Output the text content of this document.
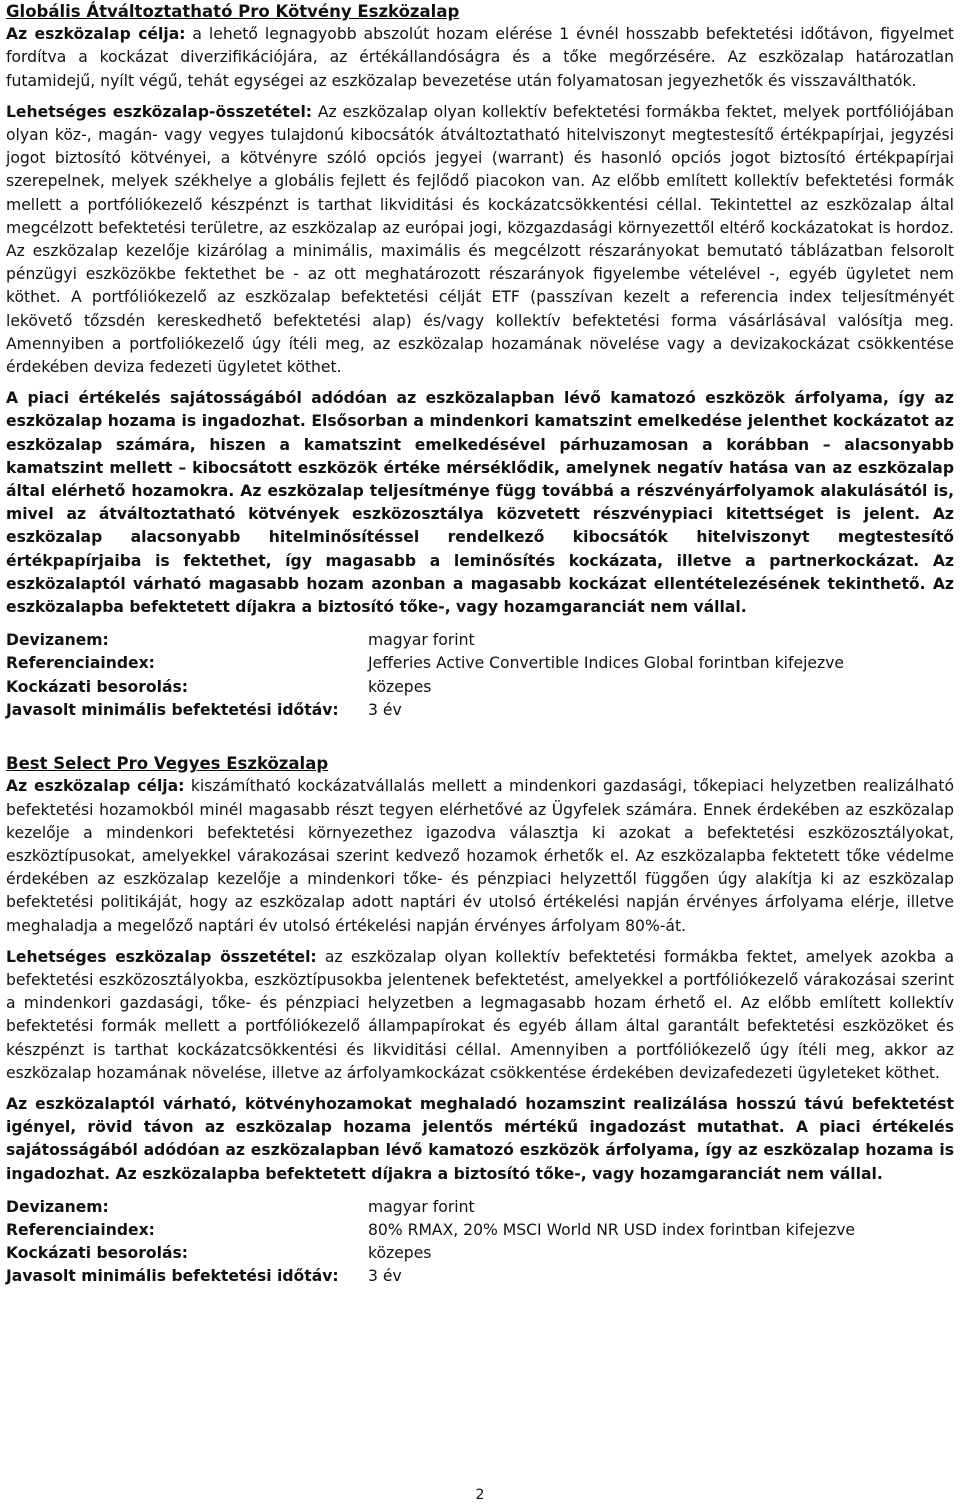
Globális Átváltoztatható Pro Kötvény Eszközalap

Az eszközalap célja: a lehető legnagyobb abszolút hozam elérése 1 évnél hosszabb befektetési időtávon, figyelmet fordítva a kockázat diverzifikációjára, az értékállandóságra és a tőke megőrzésére. Az eszközalap határozatlan futamidejű, nyílt végű, tehát egységei az eszközalap bevezetése után folyamatosan jegyezhetők és visszaválthatók.

Lehetséges eszközalap-összetétel: Az eszközalap olyan kollektív befektetési formákba fektet, melyek portfóliójában olyan köz-, magán- vagy vegyes tulajdonú kibocsátók átváltoztatható hitelviszonyt megtestesítő értékpapírjai, jegyzési jogot biztosító kötvényei, a kötvényre szóló opciós jegyei (warrant) és hasonló opciós jogot biztosító értékpapírjai szerepelnek, melyek székhelye a globális fejlett és fejlődő piacokon van. Az előbb említett kollektív befektetési formák mellett a portfóliókezelő készpénzt is tarthat likviditási és kockázatcsökkentési céllal. Tekintettel az eszközalap által megcélzott befektetési területre, az eszközalap az európai jogi, közgazdasági környezettől eltérő kockázatokat is hordoz. Az eszközalap kezelője kizárólag a minimális, maximális és megcélzott részarányokat bemutató táblázatban felsorolt pénzügyi eszközökbe fektethet be - az ott meghatározott részarányok figyelembe vételével -, egyéb ügyletet nem köthet. A portfóliókezelő az eszközalap befektetési célját ETF (passzívan kezelt a referencia index teljesítményét lekövető tőzsdén kereskedhető befektetési alap) és/vagy kollektív befektetési forma vásárlásával valósítja meg. Amennyiben a portfoliókezelő úgy ítéli meg, az eszközalap hozamának növelése vagy a devizakockázat csökkentése érdekében deviza fedezeti ügyletet köthet.

A piaci értékelés sajátosságából adódóan az eszközalapban lévő kamatozó eszközök árfolyama, így az eszközalap hozama is ingadozhat. Elsősorban a mindenkori kamatszint emelkedése jelenthet kockázatot az eszközalap számára, hiszen a kamatszint emelkedésével párhuzamosan a korábban – alacsonyabb kamatszint mellett – kibocsátott eszközök értéke mérséklődik, amelynek negatív hatása van az eszközalap által elérhető hozamokra. Az eszközalap teljesítménye függ továbbá a részvényárfolyamok alakulásától is, mivel az átváltoztatható kötvények eszközosztálya közvetett részvénypiaci kitettséget is jelent. Az eszközalap alacsonyabb hitelminősítéssel rendelkező kibocsátók hitelviszonyt megtestesítő értékpapírjaiba is fektethet, így magasabb a leminősítés kockázata, illetve a partnerkockázat. Az eszközalaptól várható magasabb hozam azonban a magasabb kockázat ellentételezésének tekinthető. Az eszközalapba befektetett díjakra a biztosító tőke-, vagy hozamgaranciát nem vállal.

Devizanem:	magyar forint
Referenciaindex:	Jefferies Active Convertible Indices Global forintban kifejezve
Kockázati besorolás:	közepes
Javasolt minimális befektetési időtáv:	3 év
Best Select Pro Vegyes Eszközalap

Az eszközalap célja: kiszámítható kockázatvállalás mellett a mindenkori gazdasági, tőkepiaci helyzetben realizálható befektetési hozamokból minél magasabb részt tegyen elérhetővé az Ügyfelek számára. Ennek érdekében az eszközalap kezelője a mindenkori befektetési környezethez igazodva választja ki azokat a befektetési eszközosztályokat, eszköztípusokat, amelyekkel várakozásai szerint kedvező hozamok érhetők el. Az eszközalapba fektetett tőke védelme érdekében az eszközalap kezelője a mindenkori tőke- és pénzpiaci helyzettől függően úgy alakítja ki az eszközalap befektetési politikáját, hogy az eszközalap adott naptári év utolsó értékelési napján érvényes árfolyama elérje, illetve meghaladja a megelőző naptári év utolsó értékelési napján érvényes árfolyam 80%-át.

Lehetséges eszközalap összetétel: az eszközalap olyan kollektív befektetési formákba fektet, amelyek azokba a befektetési eszközosztályokba, eszköztípusokba jelentenek befektetést, amelyekkel a portfóliókezelő várakozásai szerint a mindenkori gazdasági, tőke- és pénzpiaci helyzetben a legmagasabb hozam érhető el. Az előbb említett kollektív befektetési formák mellett a portfóliókezelő állampapírokat és egyéb állam által garantált befektetési eszközöket és készpénzt is tarthat kockázatcsökkentési és likviditási céllal. Amennyiben a portfóliókezelő úgy ítéli meg, akkor az eszközalap hozamának növelése, illetve az árfolyamkockázat csökkentése érdekében devizafedezeti ügyleteket köthet.

Az eszközalaptól várható, kötvényhozamokat meghaladó hozamszint realizálása hosszú távú befektetést igényel, rövid távon az eszközalap hozama jelentős mértékű ingadozást mutathat. A piaci értékelés sajátosságából adódóan az eszközalapban lévő kamatozó eszközök árfolyama, így az eszközalap hozama is ingadozhat. Az eszközalapba befektetett díjakra a biztosító tőke-, vagy hozamgaranciát nem vállal.

Devizanem:	magyar forint
Referenciaindex:	80% RMAX, 20% MSCI World NR USD index forintban kifejezve
Kockázati besorolás:	közepes
Javasolt minimális befektetési időtáv:	3 év
2
